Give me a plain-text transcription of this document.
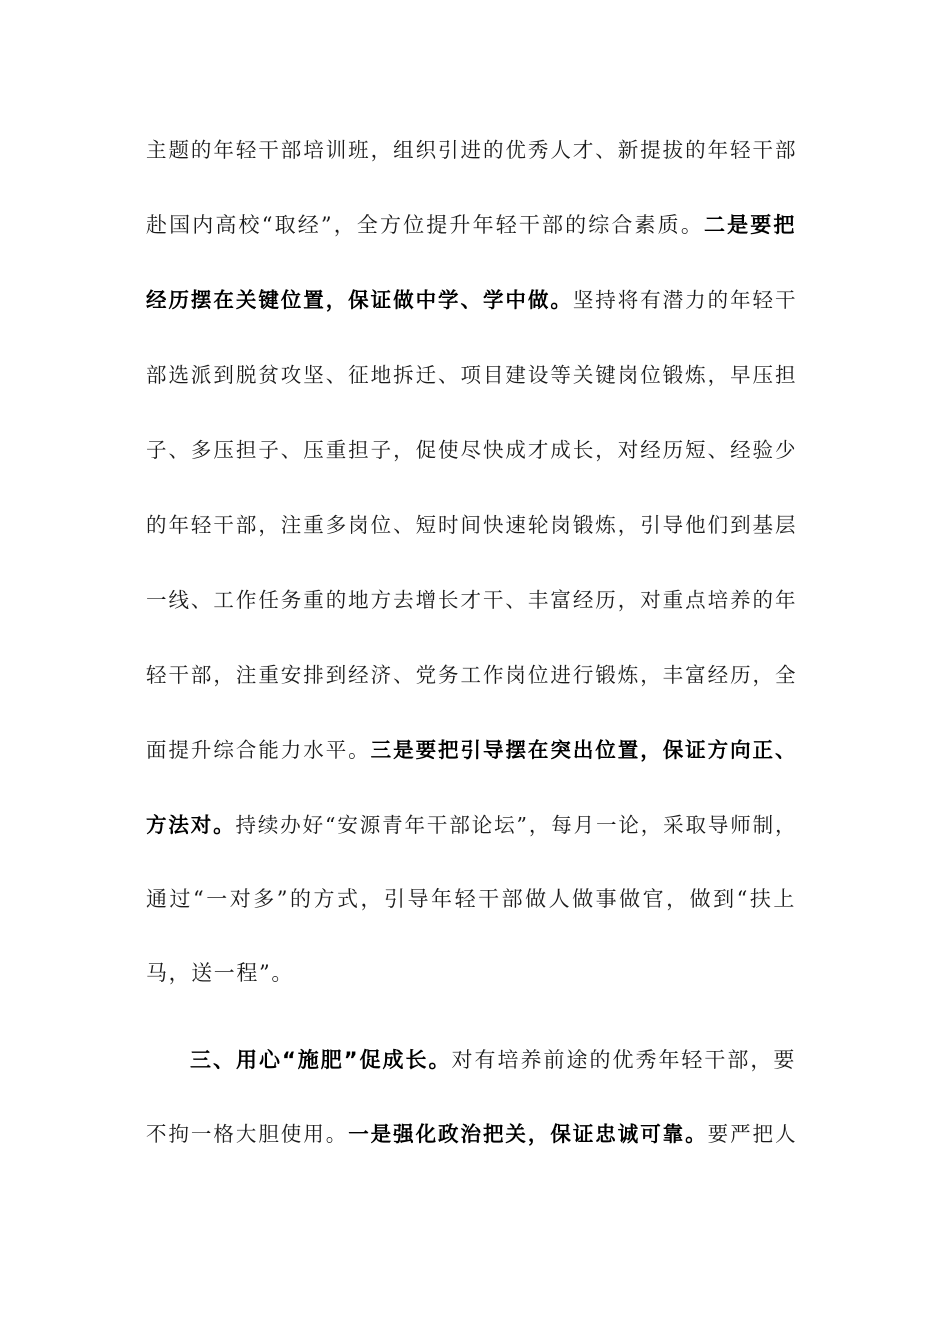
主题的年轻干部培训班，组织引进的优秀人才、新提拔的年轻干部
赴国内高校“取经”，全方位提升年轻干部的综合素质。二是要把
经历摆在关键位置，保证做中学、学中做。坚持将有潜力的年轻干
部选派到脱贫攻坚、征地拆迁、项目建设等关键岗位锻炼，早压担
子、多压担子、压重担子，促使尽快成才成长，对经历短、经验少
的年轻干部，注重多岗位、短时间快速轮岗锻炼，引导他们到基层
一线、工作任务重的地方去增长才干、丰富经历，对重点培养的年
轻干部，注重安排到经济、党务工作岗位进行锻炼，丰富经历，全
面提升综合能力水平。三是要把引导摆在突出位置，保证方向正、
方法对。持续办好“安源青年干部论坛”，每月一论，采取导师制，
通过“一对多”的方式，引导年轻干部做人做事做官，做到“扶上
马，送一程”。
三、用心“施肥”促成长。对有培养前途的优秀年轻干部，要
不拘一格大胆使用。一是强化政治把关，保证忠诚可靠。要严把人
